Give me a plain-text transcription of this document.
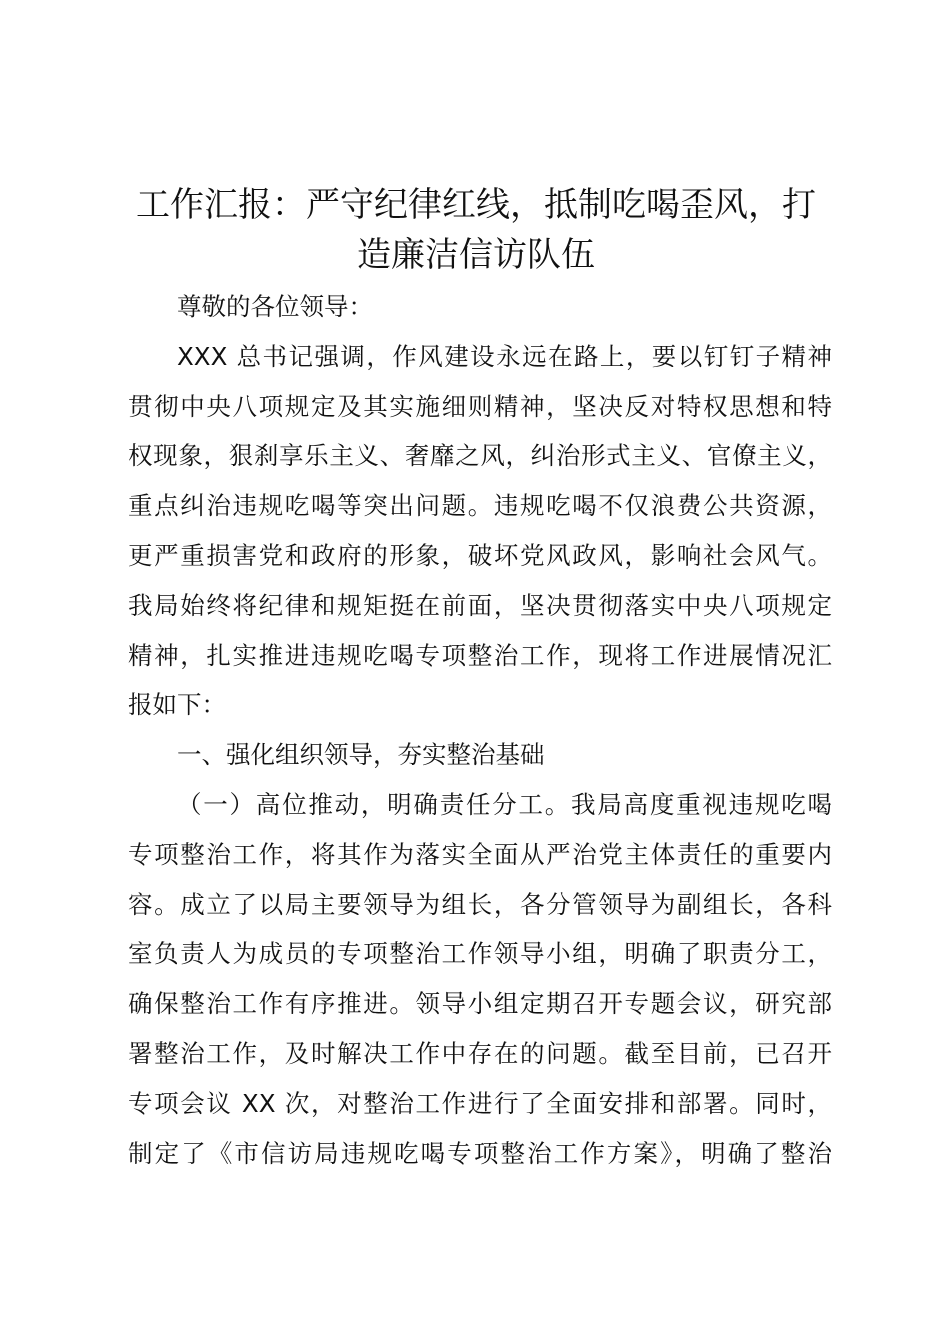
工作汇报：严守纪律红线，抵制吃喝歪风，打
造廉洁信访队伍
尊敬的各位领导：
XXX 总书记强调，作风建设永远在路上，要以钉钉子精神
贯彻中央八项规定及其实施细则精神，坚决反对特权思想和特
权现象，狠刹享乐主义、奢靡之风，纠治形式主义、官僚主义，
重点纠治违规吃喝等突出问题。违规吃喝不仅浪费公共资源，
更严重损害党和政府的形象，破坏党风政风，影响社会风气。
我局始终将纪律和规矩挺在前面，坚决贯彻落实中央八项规定
精神，扎实推进违规吃喝专项整治工作，现将工作进展情况汇
报如下：
一、强化组织领导，夯实整治基础
（一）高位推动，明确责任分工。我局高度重视违规吃喝
专项整治工作，将其作为落实全面从严治党主体责任的重要内
容。成立了以局主要领导为组长，各分管领导为副组长，各科
室负责人为成员的专项整治工作领导小组，明确了职责分工，
确保整治工作有序推进。领导小组定期召开专题会议，研究部
署整治工作，及时解决工作中存在的问题。截至目前，已召开
专项会议 XX 次，对整治工作进行了全面安排和部署。同时，
制定了《市信访局违规吃喝专项整治工作方案》，明确了整治
